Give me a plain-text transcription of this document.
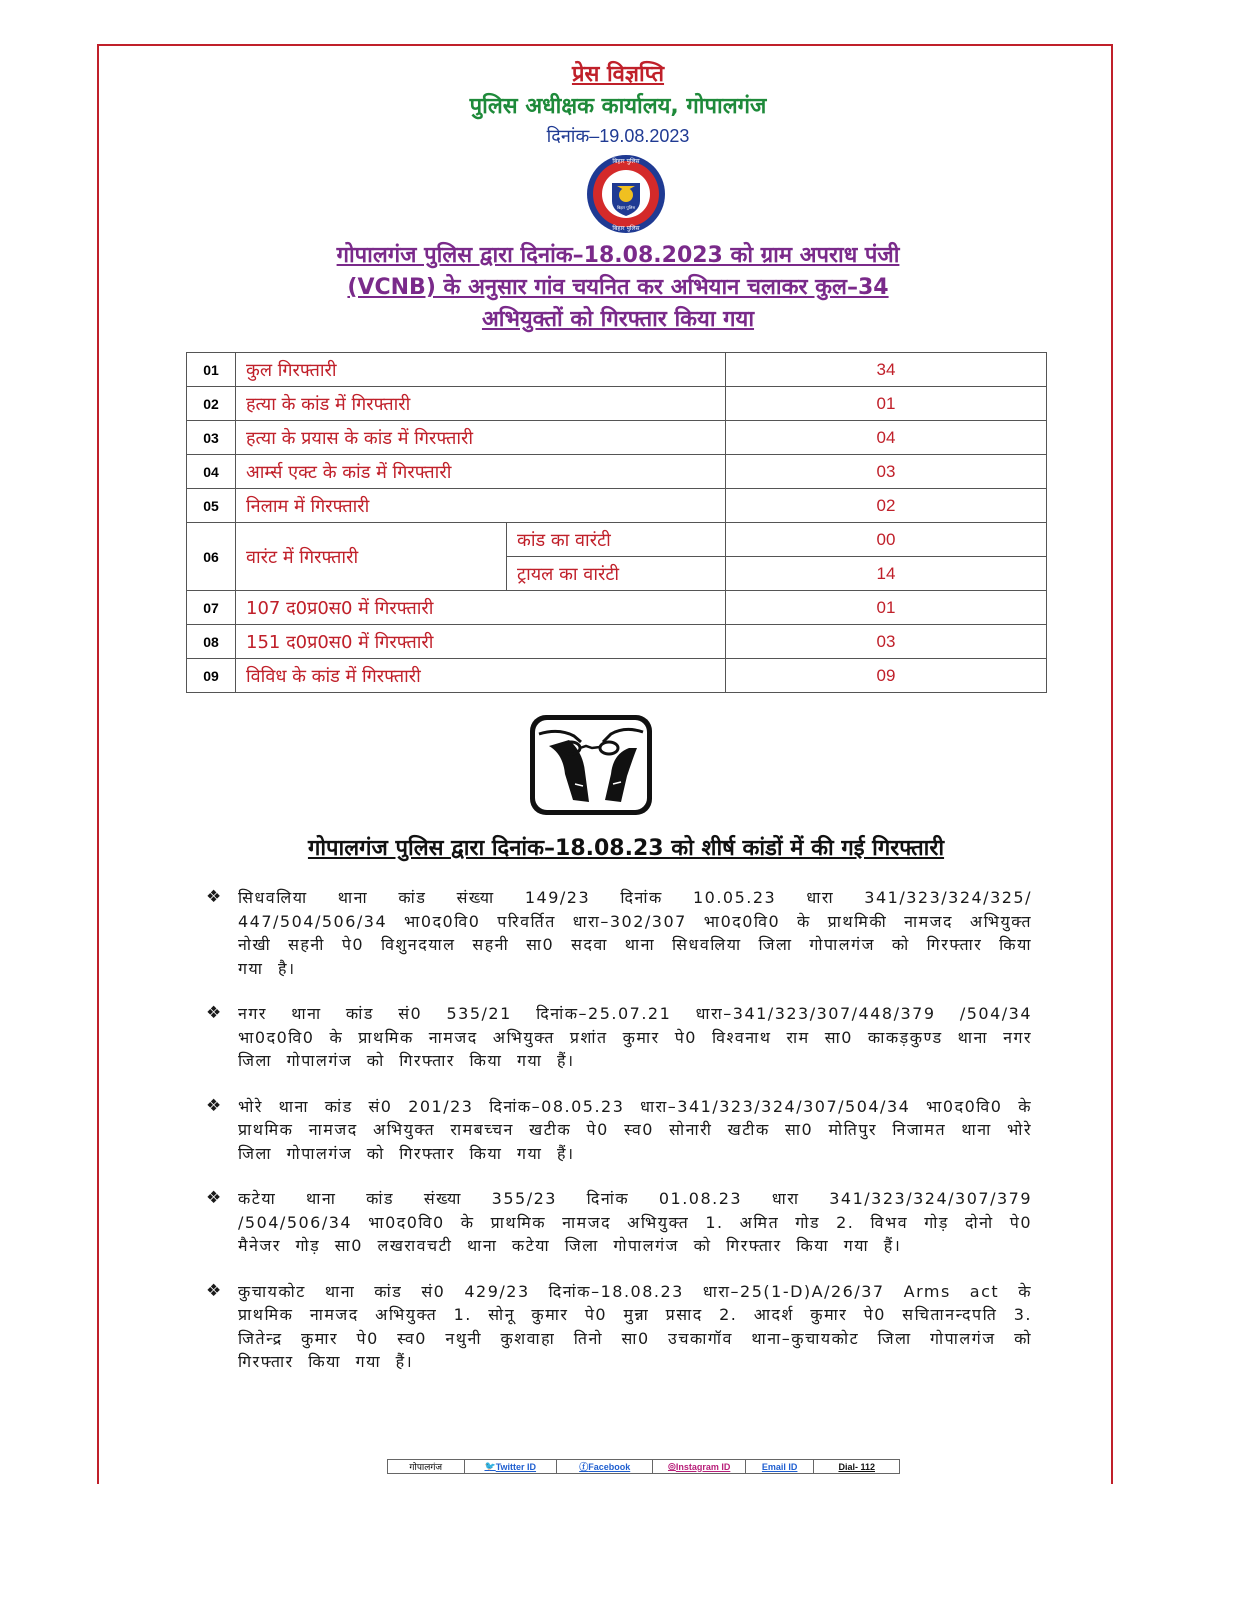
प्रेस विज्ञप्ति
पुलिस अधीक्षक कार्यालय, गोपालगंज
दिनांक–19.08.2023
बिहार पुलिस
बिहार पुलिस
बिहार पुलिस
गोपालगंज पुलिस द्वारा दिनांक–18.08.2023 को ग्राम अपराध पंजी
(VCNB) के अनुसार गांव चयनित कर अभियान चलाकर कुल–34
अभियुक्तों को गिरफ्तार किया गया
01	कुल गिरफ्तारी		34
02	हत्या के कांड में गिरफ्तारी		01
03	हत्या के प्रयास के कांड में गिरफ्तारी		04
04	आर्म्स एक्ट के कांड में गिरफ्तारी		03
05	निलाम में गिरफ्तारी		02
06	वारंट में गिरफ्तारी	कांड का वारंटी	00
		ट्रायल का वारंटी	14
07	107 द0प्र0स0 में गिरफ्तारी		01
08	151 द0प्र0स0 में गिरफ्तारी		03
09	विविध के कांड में गिरफ्तारी		09
गोपालगंज पुलिस द्वारा दिनांक–18.08.23 को शीर्ष कांडों में की गई गिरफ्तारी
❖ सिधवलिया थाना कांड संख्या 149/23 दिनांक 10.05.23 धारा 341/323/324/325/ 447/504/506/34 भा0द0वि0 परिवर्तित धारा–302/307 भा0द0वि0 के प्राथमिकी नामजद अभियुक्त नोखी सहनी पे0 विशुनदयाल सहनी सा0 सदवा थाना सिधवलिया जिला गोपालगंज को गिरफ्तार किया गया है।
❖ नगर थाना कांड सं0 535/21 दिनांक–25.07.21 धारा–341/323/307/448/379 /504/34 भा0द0वि0 के प्राथमिक नामजद अभियुक्त प्रशांत कुमार पे0 विश्वनाथ राम सा0 काकड़कुण्ड थाना नगर जिला गोपालगंज को गिरफ्तार किया गया हैं।
❖ भोरे थाना कांड सं0 201/23 दिनांक–08.05.23 धारा–341/323/324/307/504/34 भा0द0वि0 के प्राथमिक नामजद अभियुक्त रामबच्चन खटीक पे0 स्व0 सोनारी खटीक सा0 मोतिपुर निजामत थाना भोरे जिला गोपालगंज को गिरफ्तार किया गया हैं।
❖ कटेया थाना कांड संख्या 355/23 दिनांक 01.08.23 धारा 341/323/324/307/379 /504/506/34 भा0द0वि0 के प्राथमिक नामजद अभियुक्त 1. अमित गोड 2. विभव गोड़ दोनो पे0 मैनेजर गोड़ सा0 लखरावचटी थाना कटेया जिला गोपालगंज को गिरफ्तार किया गया हैं।
❖ कुचायकोट थाना कांड सं0 429/23 दिनांक–18.08.23 धारा–25(1-D)A/26/37 Arms act के प्राथमिक नामजद अभियुक्त 1. सोनू कुमार पे0 मुन्ना प्रसाद 2. आदर्श कुमार पे0 सचितानन्दपति 3. जितेन्द्र कुमार पे0 स्व0 नथुनी कुशवाहा तिनो सा0 उचकागॉव थाना–कुचायकोट जिला गोपालगंज को गिरफ्तार किया गया हैं।
गोपालगंज	🐦 Twitter ID	ⓕ Facebook	◎ Instagram ID	Email ID	Dial- 112
